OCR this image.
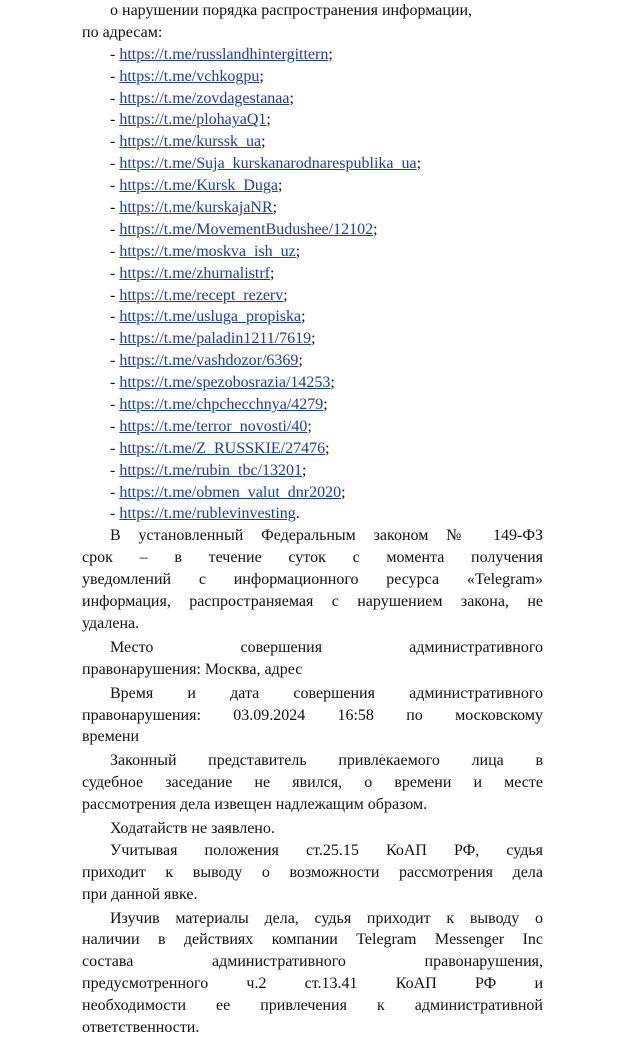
о нарушении порядка распространения информации,
по адресам:
- https://t.me/russlandhintergittern;
- https://t.me/vchkogpu;
- https://t.me/zovdagestanaa;
- https://t.me/plohayaQ1;
- https://t.me/kurssk_ua;
- https://t.me/Suja_kurskanarodnarespublika_ua;
- https://t.me/Kursk_Duga;
- https://t.me/kurskajaNR;
- https://t.me/MovementBudushee/12102;
- https://t.me/moskva_ish_uz;
- https://t.me/zhurnalistrf;
- https://t.me/recept_rezerv;
- https://t.me/usluga_propiska;
- https://t.me/paladin1211/7619;
- https://t.me/vashdozor/6369;
- https://t.me/spezobosrazia/14253;
- https://t.me/chpchecchnya/4279;
- https://t.me/terror_novosti/40;
- https://t.me/Z_RUSSKIE/27476;
- https://t.me/rubin_tbc/13201;
- https://t.me/obmen_valut_dnr2020;
- https://t.me/rublevinvesting.
В установленный Федеральным законом № 149-ФЗ
срок – в течение суток с момента получения
уведомлений с информационного ресурса «Telegram»
информация, распространяемая с нарушением закона, не
удалена.
Место совершения административного
правонарушения: Москва, адрес
Время и дата совершения административного
правонарушения: 03.09.2024 16:58 по московскому
времени
Законный представитель привлекаемого лица в
судебное заседание не явился, о времени и месте
рассмотрения дела извещен надлежащим образом.
Ходатайств не заявлено.
Учитывая положения ст.25.15 КоАП РФ, судья
приходит к выводу о возможности рассмотрения дела
при данной явке.
Изучив материалы дела, судья приходит к выводу о
наличии в действиях компании Telegram Messenger Inc
состава административного правонарушения,
предусмотренного ч.2 ст.13.41 КоАП РФ и
необходимости ее привлечения к административной
ответственности.
